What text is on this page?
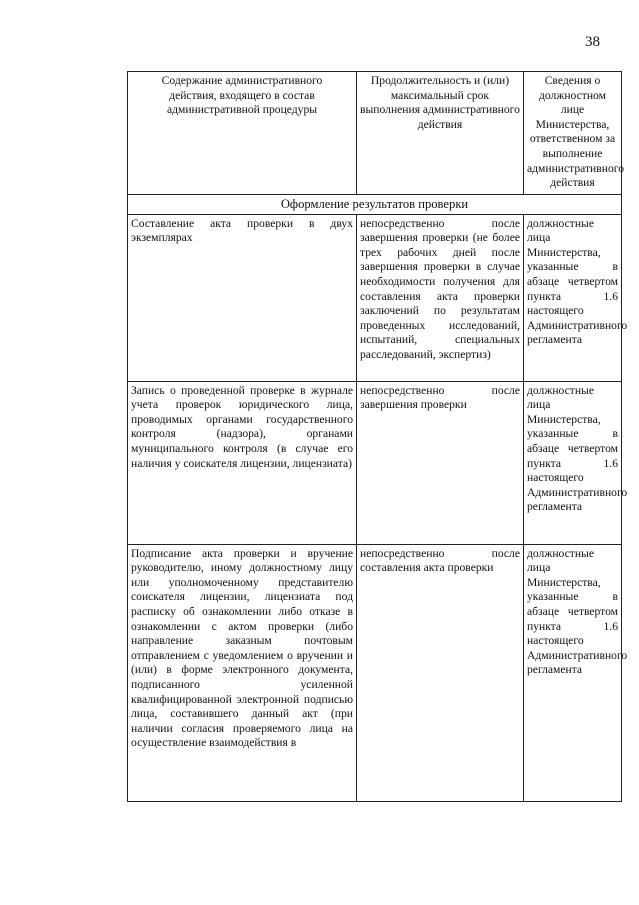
38
Содержание административного действия, входящего в состав административной процедуры	Продолжительность и (или) максимальный срок выполнения административного действия	Сведения о должностном лице Министерства, ответственном за выполнение административного действия
Оформление результатов проверки		
Составление акта проверки в двух экземплярах	непосредственно после завершения проверки (не более трех рабочих дней после завершения проверки в случае необходимости получения для составления акта проверки заключений по результатам проведенных исследований, испытаний, специальных расследований, экспертиз)	должностные лица Министерства, указанные в абзаце четвертом пункта 1.6 настоящего Административного регламента
Запись о проведенной проверке в журнале учета проверок юридического лица, проводимых органами государственного контроля (надзора), органами муниципального контроля (в случае его наличия у соискателя лицензии, лицензиата)	непосредственно после завершения проверки	должностные лица Министерства, указанные в абзаце четвертом пункта 1.6 настоящего Административного регламента
Подписание акта проверки и вручение руководителю, иному должностному лицу или уполномоченному представителю соискателя лицензии, лицензиата под расписку об ознакомлении либо отказе в ознакомлении с актом проверки (либо направление заказным почтовым отправлением с уведомлением о вручении и (или) в форме электронного документа, подписанного усиленной квалифицированной электронной подписью лица, составившего данный акт (при наличии согласия проверяемого лица на осуществление взаимодействия в	непосредственно после составления акта проверки	должностные лица Министерства, указанные в абзаце четвертом пункта 1.6 настоящего Административного регламента
